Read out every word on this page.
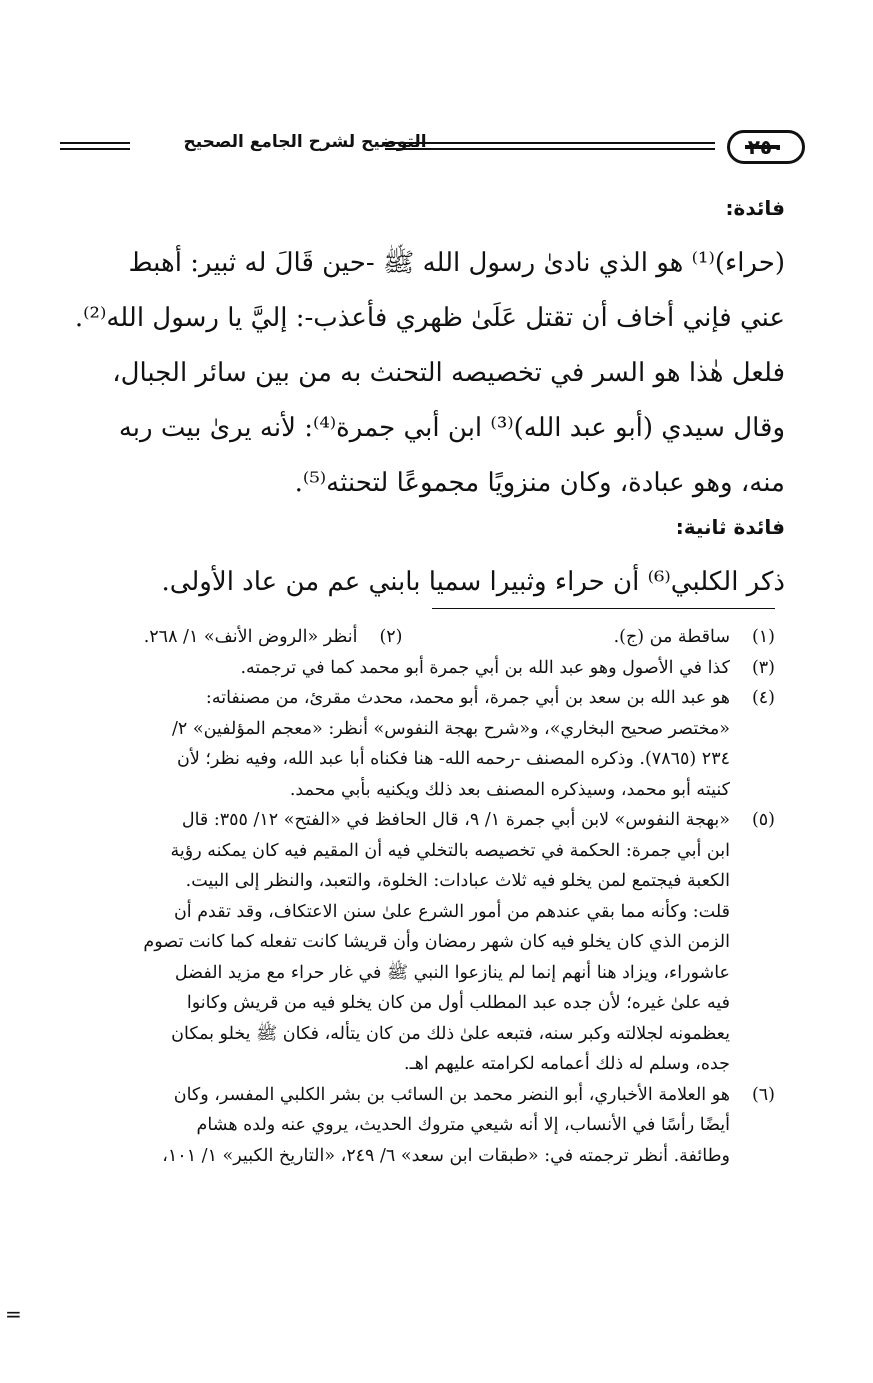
التوضيح لشرح الجامع الصحيح	٢٥٠
فائدة:
(حراء)⁽¹⁾ هو الذي نادىٰ رسول الله ﷺ -حين قَالَ له ثبير: أهبط
عني فإني أخاف أن تقتل عَلَىٰ ظهري فأعذب-: إليَّ يا رسول الله⁽²⁾.
فلعل هٰذا هو السر في تخصيصه التحنث به من بين سائر الجبال،
وقال سيدي (أبو عبد الله)⁽³⁾ ابن أبي جمرة⁽⁴⁾: لأنه يرىٰ بيت ربه
منه، وهو عبادة، وكان منزويًا مجموعًا لتحنثه⁽⁵⁾.
فائدة ثانية:
ذكر الكلبي⁽⁶⁾ أن حراء وثبيرا سميا بابني عم من عاد الأولى.
(١)
ساقطة من (ج).
(٢)
أنظر «الروض الأنف» ١/ ٢٦٨.
(٣)
كذا في الأصول وهو عبد الله بن أبي جمرة أبو محمد كما في ترجمته.
(٤)
هو عبد الله بن سعد بن أبي جمرة، أبو محمد، محدث مقرئ، من مصنفاته:
«مختصر صحيح البخاري»، و«شرح بهجة النفوس» أنظر: «معجم المؤلفين» ٢/
٢٣٤ (٧٨٦٥). وذكره المصنف -رحمه الله- هنا فكناه أبا عبد الله، وفيه نظر؛ لأن
كنيته أبو محمد، وسيذكره المصنف بعد ذلك ويكنيه بأبي محمد.
(٥)
«بهجة النفوس» لابن أبي جمرة ١/ ٩، قال الحافظ في «الفتح» ١٢/ ٣٥٥: قال
ابن أبي جمرة: الحكمة في تخصيصه بالتخلي فيه أن المقيم فيه كان يمكنه رؤية
الكعبة فيجتمع لمن يخلو فيه ثلاث عبادات: الخلوة، والتعبد، والنظر إلى البيت.
قلت: وكأنه مما بقي عندهم من أمور الشرع علىٰ سنن الاعتكاف، وقد تقدم أن
الزمن الذي كان يخلو فيه كان شهر رمضان وأن قريشا كانت تفعله كما كانت تصوم
عاشوراء، ويزاد هنا أنهم إنما لم ينازعوا النبي ﷺ في غار حراء مع مزيد الفضل
فيه علىٰ غيره؛ لأن جده عبد المطلب أول من كان يخلو فيه من قريش وكانوا
يعظمونه لجلالته وكبر سنه، فتبعه علىٰ ذلك من كان يتأله، فكان ﷺ يخلو بمكان
جده، وسلم له ذلك أعمامه لكرامته عليهم اهـ.
(٦)
هو العلامة الأخباري، أبو النضر محمد بن السائب بن بشر الكلبي المفسر، وكان
أيضًا رأسًا في الأنساب، إلا أنه شيعي متروك الحديث، يروي عنه ولده هشام
وطائفة. أنظر ترجمته في: «طبقات ابن سعد» ٦/ ٢٤٩، «التاريخ الكبير» ١/ ١٠١،
=
